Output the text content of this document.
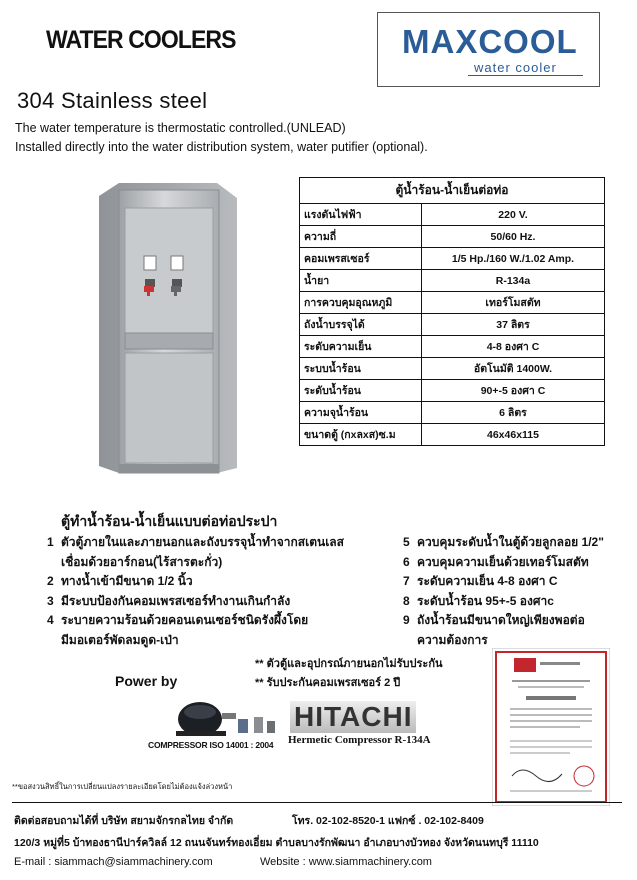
WATER COOLERS	MAXCOOL
water cooler
304 Stainless steel
The water temperature is thermostatic controlled.(UNLEAD)
Installed directly into the water distribution system, water putifier (optional).
ตู้น้ำร้อน-น้ำเย็นต่อท่อ	
แรงดันไฟฟ้า	220 V.
ความถี่	50/60 Hz.
คอมเพรสเซอร์	1/5 Hp./160 W./1.02 Amp.
น้ำยา	R-134a
การควบคุมอุณหภูมิ	เทอร์โมสตัท
ถังน้ำบรรจุได้	37 ลิตร
ระดับความเย็น	4-8 องศา C
ระบบน้ำร้อน	อัตโนมัติ 1400W.
ระดับน้ำร้อน	90+-5 องศา C
ความจุน้ำร้อน	6 ลิตร
ขนาดตู้ (กxลxส)ซ.ม	46x46x115
ตู้ทำน้ำร้อน-น้ำเย็นแบบต่อท่อประปา
1 ตัวตู้ภายในและภายนอกและถังบรรจุน้ำทำจากสเตนเลส
เชื่อมด้วยอาร์กอน(ไร้สารตะกั่ว)
2 ทางน้ำเข้ามีขนาด 1/2 นิ้ว
3 มีระบบป้องกันคอมเพรสเซอร์ทำงานเกินกำลัง
4 ระบายความร้อนด้วยคอนเดนเซอร์ชนิดรังผึ้งโดย
มีมอเตอร์พัดลมดูด-เป่า
5 ควบคุมระดับน้ำในตู้ด้วยลูกลอย 1/2"
6 ควบคุมความเย็นด้วยเทอร์โมสตัท
7 ระดับความเย็น 4-8 องศา C
8 ระดับน้ำร้อน 95+-5 องศาc
9 ถังน้ำร้อนมีขนาดใหญ่เพียงพอต่อ
ความต้องการ
** ตัวตู้และอุปกรณ์ภายนอกไม่รับประกัน
** รับประกันคอมเพรสเซอร์ 2 ปี
Power by
COMPRESSOR ISO 14001 : 2004
HITACHI
Hermetic Compressor R-134A
**ขอสงวนสิทธิ์ในการเปลี่ยนแปลงรายละเอียดโดยไม่ต้องแจ้งล่วงหน้า
ติดต่อสอบถามได้ที่ บริษัท สยามจักรกลไทย จำกัด	โทร. 02-102-8520-1 แฟกซ์ . 02-102-8409
120/3 หมู่ที่5 บ้าทองธานีปาร์ควิลล์ 12 ถนนจันทร์ทองเอี่ยม ตำบลบางรักพัฒนา อำเภอบางบัวทอง จังหวัดนนทบุรี 11110
E-mail : siammach@siammachinery.com	Website : www.siammachinery.com
